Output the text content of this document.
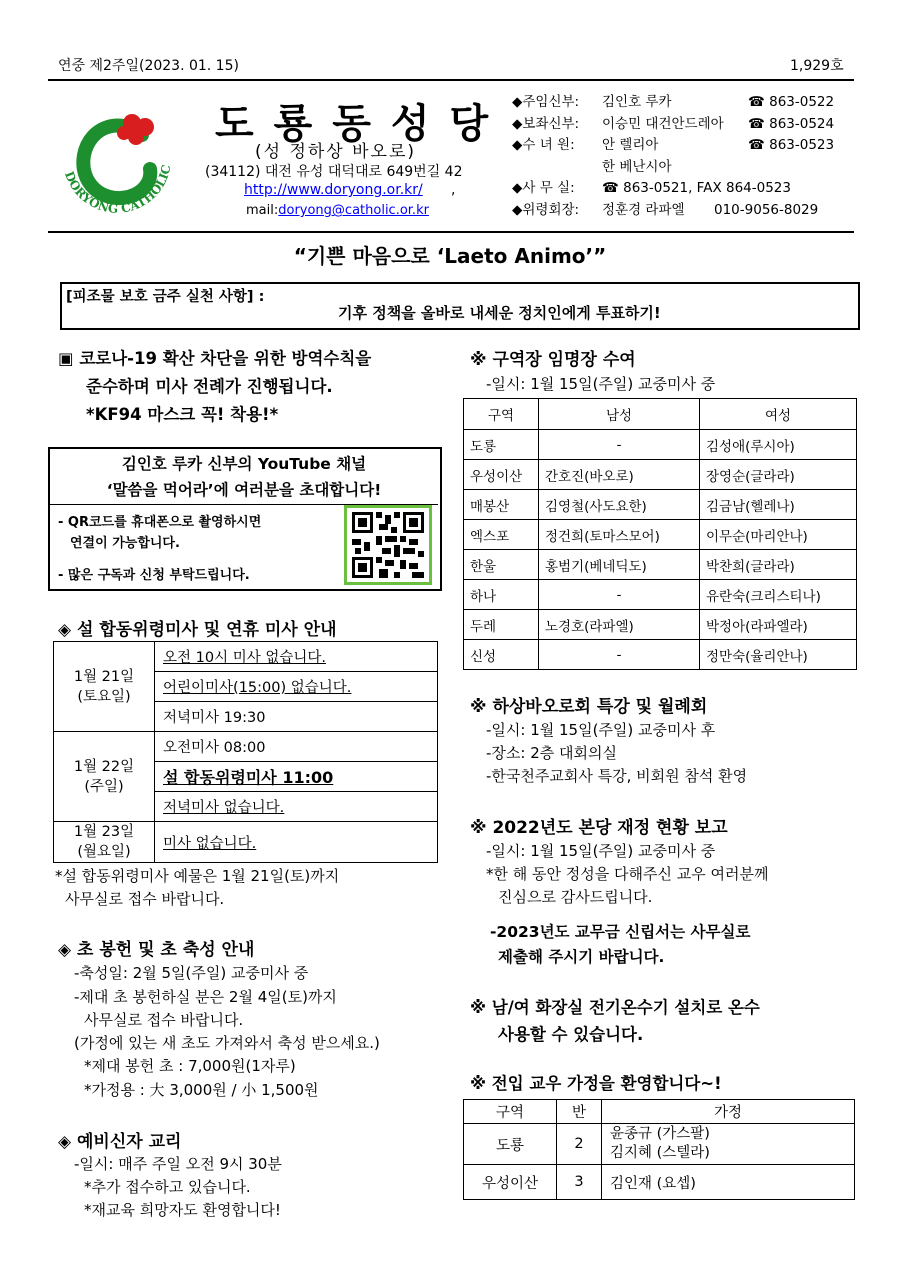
연중 제2주일(2023. 01. 15)	1,929호
DORYONG CATHOLIC
도룡동성당
(성 정하상 바오로)
(34112) 대전 유성 대덕대로 649번길 42
http://www.doryong.or.kr/ ,
mail:doryong@catholic.or.kr
◆주임신부:	김인호 루카	☎ 863-0522
◆보좌신부:	이승민 대건안드레아	☎ 863-0524
◆수 녀 원:	안 렐리아	☎ 863-0523
한 베난시아
◆사 무 실:	☎ 863-0521, FAX 864-0523
◆위령회장:	정훈경 라파엘	010-9056-8029
“기쁜 마음으로 ‘Laeto Animo’”
[피조물 보호 금주 실천 사항] :
기후 정책을 올바로 내세운 정치인에게 투표하기!
▣ 코로나-19 확산 차단을 위한 방역수칙을
준수하며 미사 전례가 진행됩니다.
*KF94 마스크 꼭! 착용!*
김인호 루카 신부의 YouTube 채널
‘말씀을 먹어라’에 여러분을 초대합니다!
- QR코드를 휴대폰으로 촬영하시면
연결이 가능합니다.
- 많은 구독과 신청 부탁드립니다.
◈ 설 합동위령미사 및 연휴 미사 안내
1월 21일
(토요일)	오전 10시 미사 없습니다.
	어린이미사(15:00) 없습니다.
	저녁미사 19:30

1월 22일
(주일)	오전미사 08:00
	설 합동위령미사 11:00
	저녁미사 없습니다.

1월 23일
(월요일)	미사 없습니다.
*설 합동위령미사 예물은 1월 21일(토)까지
사무실로 접수 바랍니다.
◈ 초 봉헌 및 초 축성 안내
-축성일: 2월 5일(주일) 교중미사 중
-제대 초 봉헌하실 분은 2월 4일(토)까지
사무실로 접수 바랍니다.
(가정에 있는 새 초도 가져와서 축성 받으세요.)
*제대 봉헌 초 : 7,000원(1자루)
*가정용 : 大 3,000원 / 小 1,500원
◈ 예비신자 교리
-일시: 매주 주일 오전 9시 30분
*추가 접수하고 있습니다.
*재교육 희망자도 환영합니다!
※ 구역장 임명장 수여
-일시: 1월 15일(주일) 교중미사 중
구역	남성	여성
도룡	-	김성애(루시아)
우성이산	간호진(바오로)	장영순(글라라)
매봉산	김영철(사도요한)	김금남(헬레나)
엑스포	정건희(토마스모어)	이무순(마리안나)
한울	홍범기(베네딕도)	박찬희(글라라)
하나	-	유란숙(크리스티나)
두레	노경호(라파엘)	박정아(라파엘라)
신성	-	정만숙(율리안나)
※ 하상바오로회 특강 및 월례회
-일시: 1월 15일(주일) 교중미사 후
-장소: 2층 대회의실
-한국천주교회사 특강, 비회원 참석 환영
※ 2022년도 본당 재정 현황 보고
-일시: 1월 15일(주일) 교중미사 중
*한 해 동안 정성을 다해주신 교우 여러분께
진심으로 감사드립니다.
-2023년도 교무금 신립서는 사무실로
제출해 주시기 바랍니다.
※ 남/여 화장실 전기온수기 설치로 온수
사용할 수 있습니다.
※ 전입 교우 가정을 환영합니다~!
구역	반	가정
도룡	2	윤종규 (가스팔)
김지혜 (스텔라)

우성이산	3	김인재 (요셉)
